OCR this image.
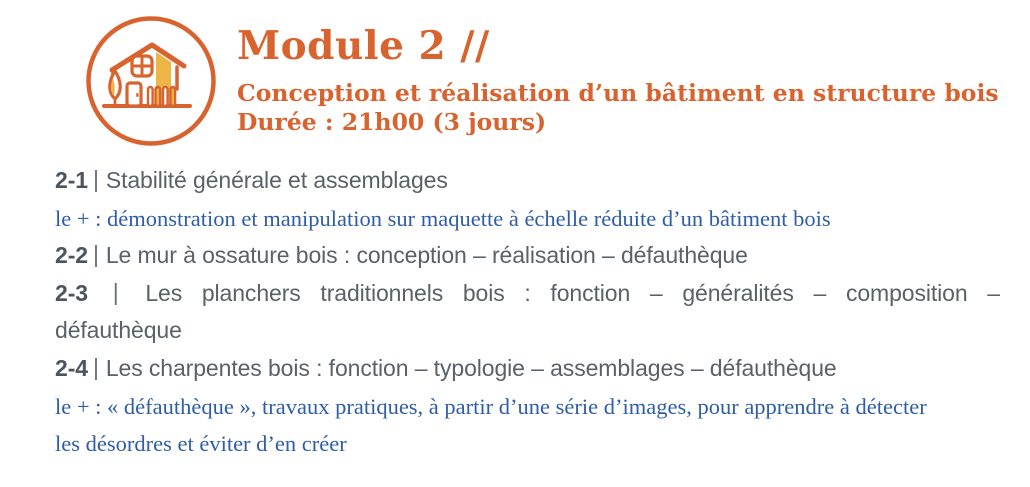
Module 2 //

Conception et réalisation d’un bâtiment en structure bois

Durée : 21h00 (3 jours)

2-1 | Stabilité générale et assemblages
le + : démonstration et manipulation sur maquette à échelle réduite d’un bâtiment bois
2-2 | Le mur à ossature bois : conception – réalisation – défauthèque
2-3 | Les planchers traditionnels bois : fonction – généralités – composition –
défauthèque
2-4 | Les charpentes bois : fonction – typologie – assemblages – défauthèque
le + : « défauthèque », travaux pratiques, à partir d’une série d’images, pour apprendre à détecter
les désordres et éviter d’en créer
